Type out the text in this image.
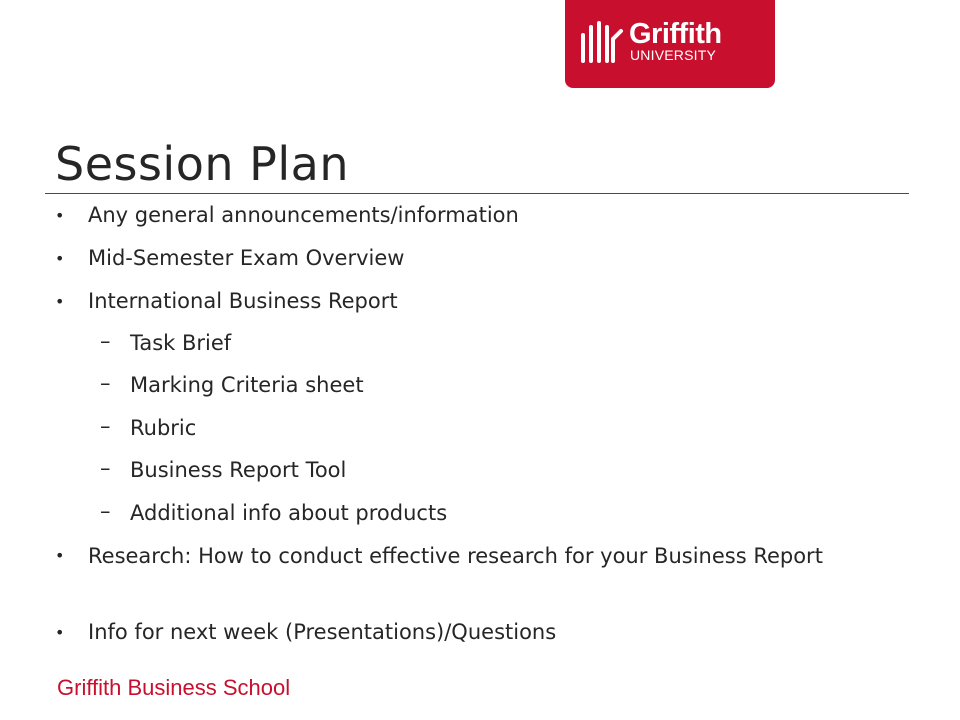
Griffith
UNIVERSITY
Session Plan
• Any general announcements/information
• Mid-Semester Exam Overview
• International Business Report
– Task Brief
– Marking Criteria sheet
– Rubric
– Business Report Tool
– Additional info about products
• Research: How to conduct effective research for your Business Report
• Info for next week (Presentations)/Questions
Griffith Business School
